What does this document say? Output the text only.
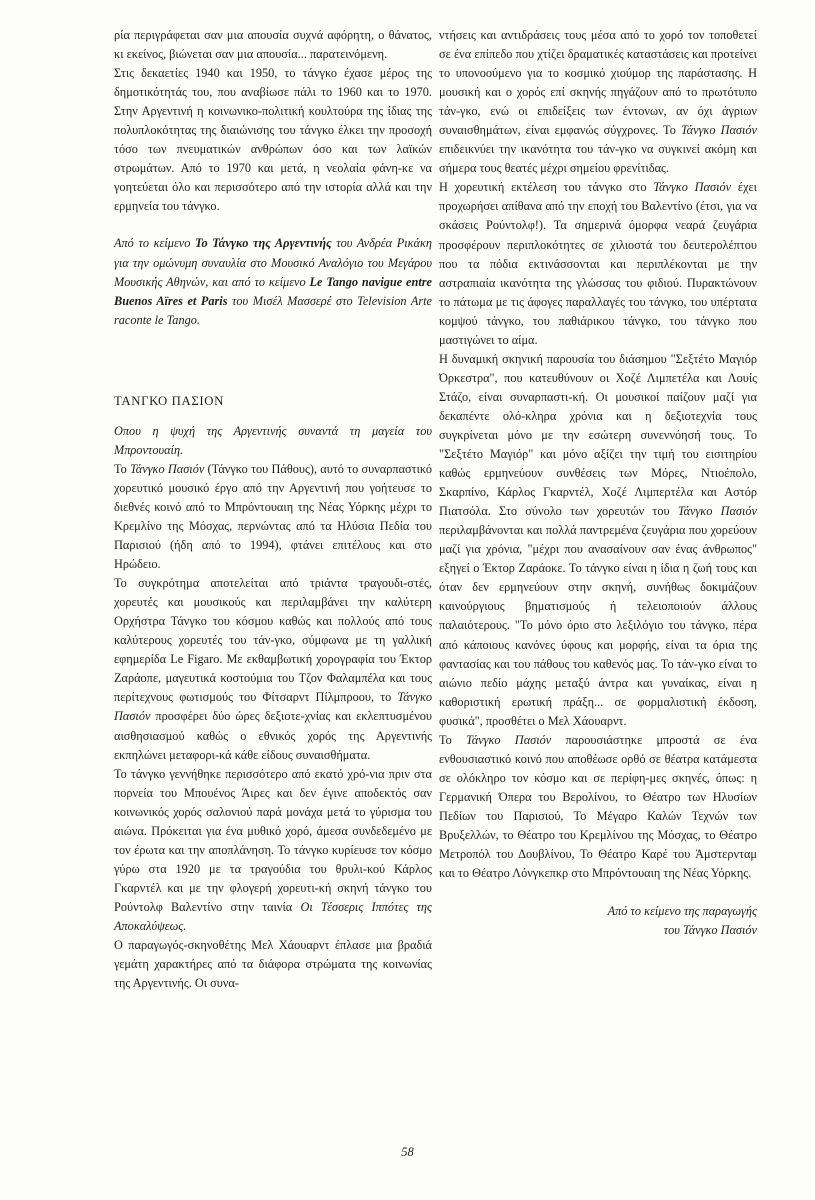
ρία περιγράφεται σαν μια απουσία συχνά αφόρητη, ο θάνατος, κι εκείνος, βιώνεται σαν μια απουσία... παρατεινόμενη.

Στις δεκαετίες 1940 και 1950, το τάνγκο έχασε μέρος της δημοτικότητάς του, που αναβίωσε πάλι το 1960 και το 1970. Στην Αργεντινή η κοινωνικο-πολιτική κουλτούρα της ίδιας της πολυπλοκότητας της διαιώνισης του τάνγκο έλκει την προσοχή τόσο των πνευματικών ανθρώπων όσο και των λαϊκών στρωμάτων. Από το 1970 και μετά, η νεολαία φάνη-κε να γοητεύεται όλο και περισσότερο από την ιστορία αλλά και την ερμηνεία του τάνγκο.

Από το κείμενο Το Τάνγκο της Αργεντινής του Ανδρέα Ρικάκη για την ομώνυμη συναυλία στο Μουσικό Αναλόγιο του Μεγάρου Μουσικής Αθηνών, και από το κείμενο Le Tango navigue entre Buenos Aïres et Paris του Μισέλ Μασσερέ στο Television Arte raconte le Tango.

ΤΑΝΓΚΟ ΠΑΣΙΟΝ

Οπου η ψυχή της Αργεντινής συναντά τη μαγεία του Μπροντουαίη.

Το Τάνγκο Πασιόν (Τάνγκο του Πάθους), αυτό το συναρπαστικό χορευτικό μουσικό έργο από την Αργεντινή που γοήτευσε το διεθνές κοινό από το Μπρόντουαιη της Νέας Υόρκης μέχρι το Κρεμλίνο της Μόσχας, περνώντας από τα Ηλύσια Πεδία του Παρισιού (ήδη από το 1994), φτάνει επιτέλους και στο Ηρώδειο.

Το συγκρότημα αποτελείται από τριάντα τραγουδι-στές, χορευτές και μουσικούς και περιλαμβάνει την καλύτερη Ορχήστρα Τάνγκο του κόσμου καθώς και πολλούς από τους καλύτερους χορευτές του τάν-γκο, σύμφωνα με τη γαλλική εφημερίδα Le Figaro. Με εκθαμβωτική χορογραφία του Έκτορ Ζαράοπε, μαγευτικά κοστούμια του Τζον Φαλαμπέλα και τους περίτεχνους φωτισμούς του Φίτσαρντ Πίλμπροου, το Τάνγκο Πασιόν προσφέρει δύο ώρες δεξιοτε-χνίας και εκλεπτυσμένου αισθησιασμού καθώς ο εθνικός χορός της Αργεντινής εκπηλώνει μεταφορι-κά κάθε είδους συναισθήματα.

Το τάνγκο γεννήθηκε περισσότερο από εκατό χρό-νια πριν στα πορνεία του Μπουένος Άιρες και δεν έγινε αποδεκτός σαν κοινωνικός χορός σαλονιού παρά μονάχα μετά το γύρισμα του αιώνα. Πρόκειται για ένα μυθικό χορό, άμεσα συνδεδεμένο με τον έρωτα και την αποπλάνηση. Το τάνγκο κυρίευσε τον κόσμο γύρω στα 1920 με τα τραγούδια του θρυλι-κού Κάρλος Γκαρντέλ και με την φλογερή χορευτι-κή σκηνή τάνγκο του Ρούντολφ Βαλεντίνο στην ταινία Οι Τέσσερις Ιππότες της Αποκαλύψεως.

Ο παραγωγός-σκηνοθέτης Μελ Χάουαρντ έπλασε μια βραδιά γεμάτη χαρακτήρες από τα διάφορα στρώματα της κοινωνίας της Αργεντινής. Οι συνα-

ντήσεις και αντιδράσεις τους μέσα από το χορό τον τοποθετεί σε ένα επίπεδο που χτίζει δραματικές καταστάσεις και προτείνει το υπονοούμενο για το κοσμικό χιούμορ της παράστασης. Η μουσική και ο χορός επί σκηνής πηγάζουν από το πρωτότυπο τάν-γκο, ενώ οι επιδείξεις των έντονων, αν όχι άγριων συναισθημάτων, είναι εμφανώς σύγχρονες. Το Τάνγκο Πασιόν επιδεικνύει την ικανότητα του τάν-γκο να συγκινεί ακόμη και σήμερα τους θεατές μέχρι σημείου φρενίτιδας.

Η χορευτική εκτέλεση του τάνγκο στο Τάνγκο Πασιόν έχει προχωρήσει απίθανα από την εποχή του Βαλεντίνο (έτσι, για να σκάσεις Ρούντολφ!). Τα σημερινά όμορφα νεαρά ζευγάρια προσφέρουν περιπλοκότητες σε χιλιοστά του δευτερολέπτου που τα πόδια εκτινάσσονται και περιπλέκονται με την αστραπιαία ικανότητα της γλώσσας του φιδιού. Πυρακτώνουν το πάτωμα με τις άφογες παραλλαγές του τάνγκο, του υπέρτατα κομψού τάνγκο, του παθιάρικου τάνγκο, του τάνγκο που μαστιγώνει το αίμα.

Η δυναμική σκηνική παρουσία του διάσημου "Σεξτέτο Μαγιόρ Όρκεστρα", που κατευθύνουν οι Χοζέ Λιμπετέλα και Λουίς Στάζο, είναι συναρπαστι-κή. Οι μουσικοί παίζουν μαζί για δεκαπέντε ολό-κληρα χρόνια και η δεξιοτεχνία τους συγκρίνεται μόνο με την εσώτερη συνεννόησή τους. Το "Σεξτέτο Μαγιόρ" και μόνο αξίζει την τιμή του εισιτηρίου καθώς ερμηνεύουν συνθέσεις των Μόρες, Ντιοέπολο, Σκαρπίνο, Κάρλος Γκαρντέλ, Χοζέ Λιμπερτέλα και Αστόρ Πιατσόλα. Στο σύνολο των χορευτών του Τάνγκο Πασιόν περιλαμβάνονται και πολλά παντρεμένα ζευγάρια που χορεύουν μαζί για χρόνια, "μέχρι που ανασαίνουν σαν ένας άνθρωπος" εξηγεί ο Έκτορ Ζαράοκε. Το τάνγκο είναι η ίδια η ζωή τους και όταν δεν ερμηνεύουν στην σκηνή, συνήθως δοκιμάζουν καινούργιους βηματισμούς ή τελειοποιούν άλλους παλαιότερους. "Το μόνο όριο στο λεξιλόγιο του τάνγκο, πέρα από κάποιους κανόνες ύφους και μορφής, είναι τα όρια της φαντασίας και του πάθους του καθενός μας. Το τάν-γκο είναι το αιώνιο πεδίο μάχης μεταξύ άντρα και γυναίκας, είναι η καθοριστική ερωτική πράξη... σε φορμαλιστική έκδοση, φυσικά", προσθέτει ο Μελ Χάουαρντ.

Το Τάνγκο Πασιόν παρουσιάστηκε μπροστά σε ένα ενθουσιαστικό κοινό που αποθέωσε ορθό σε θέατρα κατάμεστα σε ολόκληρο τον κόσμο και σε περίφη-μες σκηνές, όπως: η Γερμανική Όπερα του Βερολίνου, το Θέατρο των Ηλυσίων Πεδίων του Παρισιού, Το Μέγαρο Καλών Τεχνών των Βρυξελλών, το Θέατρο του Κρεμλίνου της Μόσχας, το Θέατρο Μετροπόλ του Δουβλίνου, Το Θέατρο Καρέ του Άμστερνταμ και το Θέατρο Λόνγκεπκρ στο Μπρόντουαιη της Νέας Υόρκης.

Από το κείμενο της παραγωγής

του Τάνγκο Πασιόν

58
